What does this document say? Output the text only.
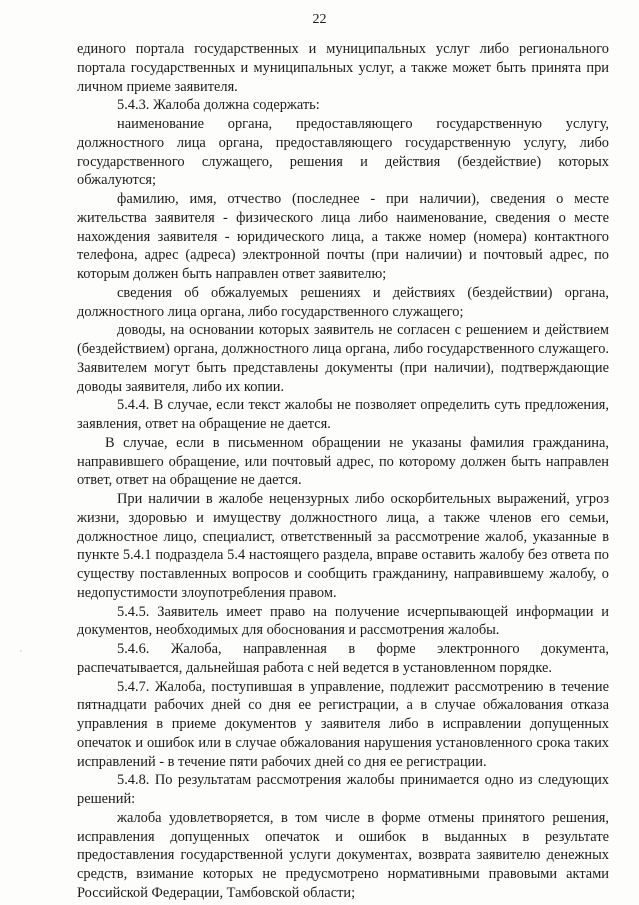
22

единого портала государственных и муниципальных услуг либо регионального портала государственных и муниципальных услуг, а также может быть принята при личном приеме заявителя.

5.4.3. Жалоба должна содержать:

наименование органа, предоставляющего государственную услугу, должностного лица органа, предоставляющего государственную услугу, либо государственного служащего, решения и действия (бездействие) которых обжалуются;

фамилию, имя, отчество (последнее - при наличии), сведения о месте жительства заявителя - физического лица либо наименование, сведения о месте нахождения заявителя - юридического лица, а также номер (номера) контактного телефона, адрес (адреса) электронной почты (при наличии) и почтовый адрес, по которым должен быть направлен ответ заявителю;

сведения об обжалуемых решениях и действиях (бездействии) органа, должностного лица органа, либо государственного служащего;

доводы, на основании которых заявитель не согласен с решением и действием (бездействием) органа, должностного лица органа, либо государственного служащего. Заявителем могут быть представлены документы (при наличии), подтверждающие доводы заявителя, либо их копии.

5.4.4. В случае, если текст жалобы не позволяет определить суть предложения, заявления, ответ на обращение не дается.

В случае, если в письменном обращении не указаны фамилия гражданина, направившего обращение, или почтовый адрес, по которому должен быть направлен ответ, ответ на обращение не дается.

При наличии в жалобе нецензурных либо оскорбительных выражений, угроз жизни, здоровью и имуществу должностного лица, а также членов его семьи, должностное лицо, специалист, ответственный за рассмотрение жалоб, указанные в пункте 5.4.1 подраздела 5.4 настоящего раздела, вправе оставить жалобу без ответа по существу поставленных вопросов и сообщить гражданину, направившему жалобу, о недопустимости злоупотребления правом.

5.4.5. Заявитель имеет право на получение исчерпывающей информации и документов, необходимых для обоснования и рассмотрения жалобы.

5.4.6. Жалоба, направленная в форме электронного документа, распечатывается, дальнейшая работа с ней ведется в установленном порядке.

5.4.7. Жалоба, поступившая в управление, подлежит рассмотрению в течение пятнадцати рабочих дней со дня ее регистрации, а в случае обжалования отказа управления в приеме документов у заявителя либо в исправлении допущенных опечаток и ошибок или в случае обжалования нарушения установленного срока таких исправлений - в течение пяти рабочих дней со дня ее регистрации.

5.4.8. По результатам рассмотрения жалобы принимается одно из следующих решений:

жалоба удовлетворяется, в том числе в форме отмены принятого решения, исправления допущенных опечаток и ошибок в выданных в результате предоставления государственной услуги документах, возврата заявителю денежных средств, взимание которых не предусмотрено нормативными правовыми актами Российской Федерации, Тамбовской области;
